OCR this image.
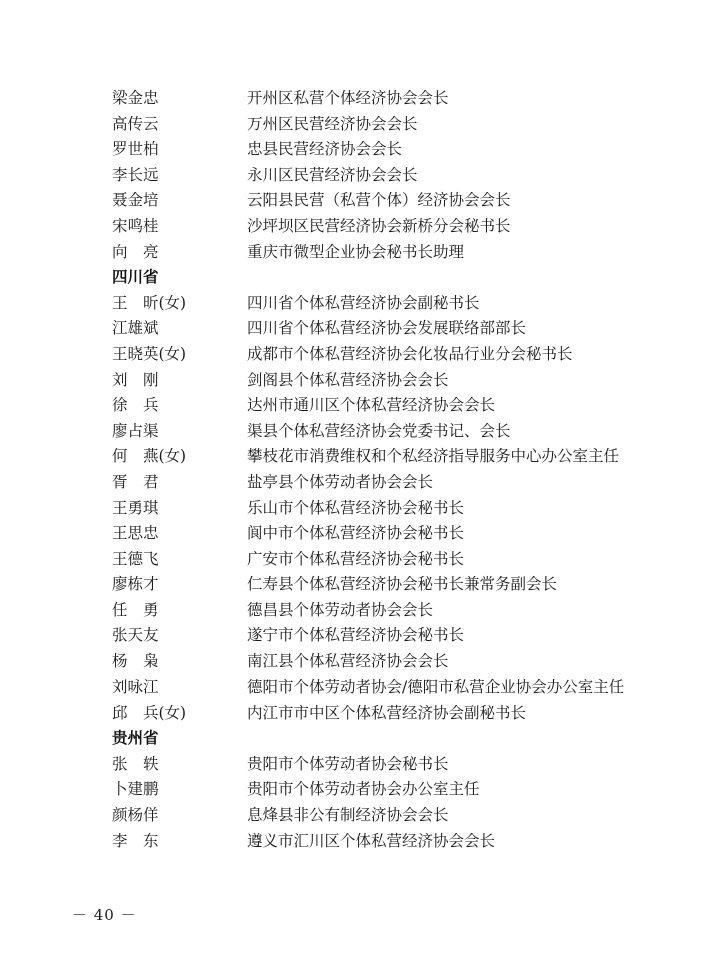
梁金忠	开州区私营个体经济协会会长
高传云	万州区民营经济协会会长
罗世柏	忠县民营经济协会会长
李长远	永川区民营经济协会会长
聂金培	云阳县民营（私营个体）经济协会会长
宋鸣桂	沙坪坝区民营经济协会新桥分会秘书长
向　亮	重庆市微型企业协会秘书长助理
四川省
王　昕(女)	四川省个体私营经济协会副秘书长
江雄斌	四川省个体私营经济协会发展联络部部长
王晓英(女)	成都市个体私营经济协会化妆品行业分会秘书长
刘　刚	剑阁县个体私营经济协会会长
徐　兵	达州市通川区个体私营经济协会会长
廖占渠	渠县个体私营经济协会党委书记、会长
何　燕(女)	攀枝花市消费维权和个私经济指导服务中心办公室主任
胥　君	盐亭县个体劳动者协会会长
王勇琪	乐山市个体私营经济协会秘书长
王思忠	阆中市个体私营经济协会秘书长
王德飞	广安市个体私营经济协会秘书长
廖栋才	仁寿县个体私营经济协会秘书长兼常务副会长
任　勇	德昌县个体劳动者协会会长
张天友	遂宁市个体私营经济协会秘书长
杨　枭	南江县个体私营经济协会会长
刘咏江	德阳市个体劳动者协会/德阳市私营企业协会办公室主任
邱　兵(女)	内江市市中区个体私营经济协会副秘书长
贵州省
张　轶	贵阳市个体劳动者协会秘书长
卜建鹏	贵阳市个体劳动者协会办公室主任
颜杨佯	息烽县非公有制经济协会会长
李　东	遵义市汇川区个体私营经济协会会长
－ 40 －
